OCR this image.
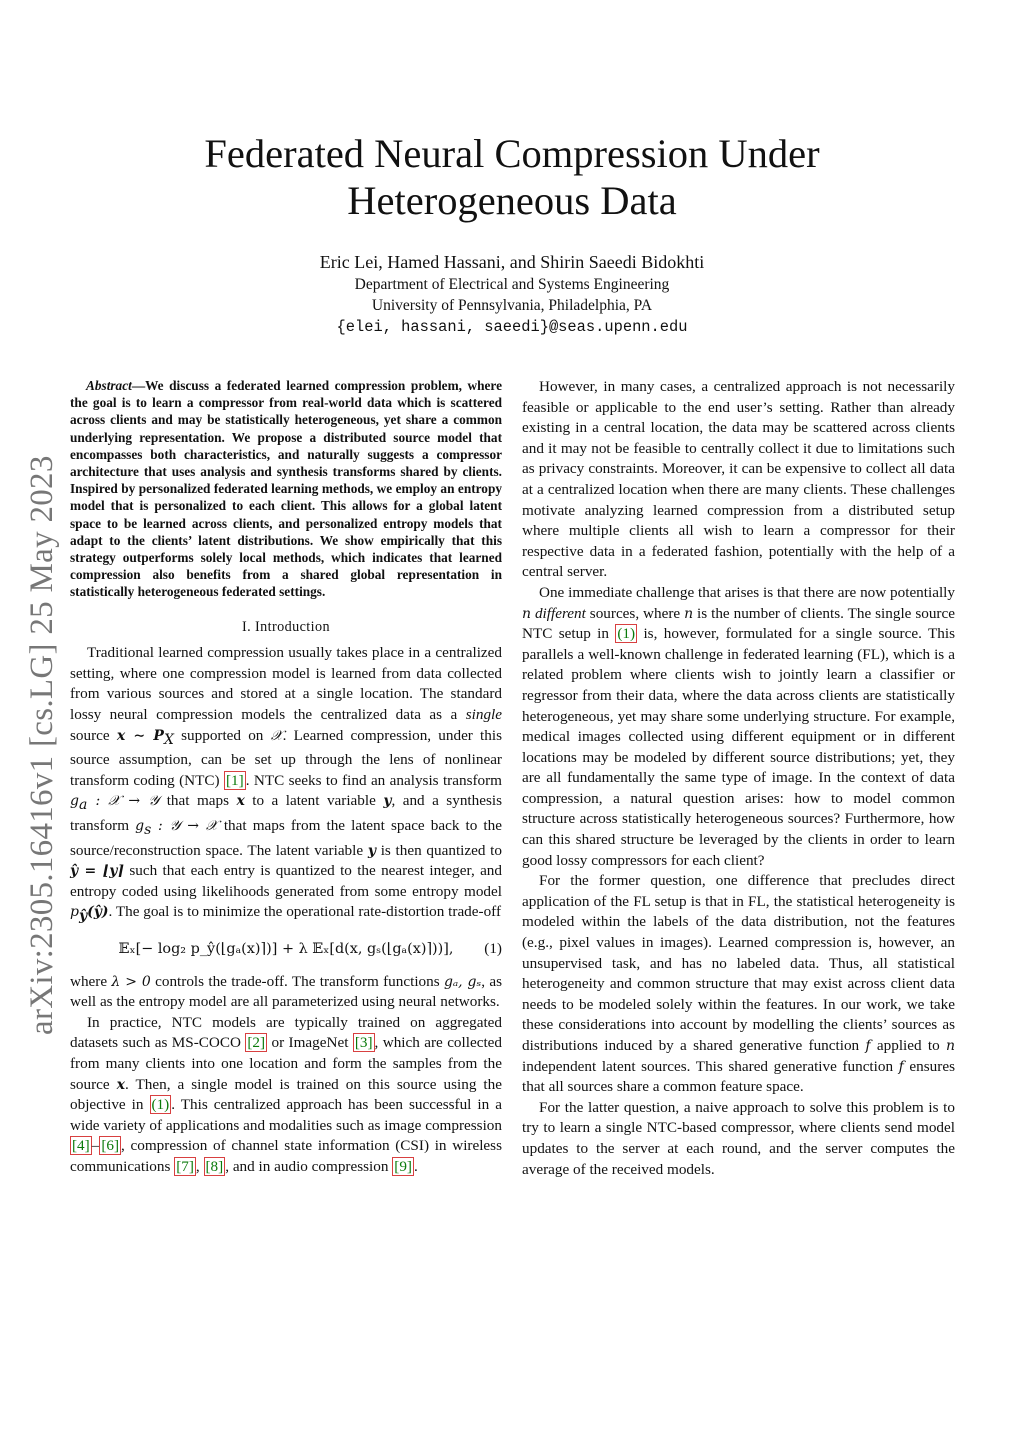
arXiv:2305.16416v1 [cs.LG] 25 May 2023
Federated Neural Compression Under
Heterogeneous Data
Eric Lei, Hamed Hassani, and Shirin Saeedi Bidokhti
Department of Electrical and Systems Engineering
University of Pennsylvania, Philadelphia, PA
{elei, hassani, saeedi}@seas.upenn.edu

Abstract—We discuss a federated learned compression problem, where the goal is to learn a compressor from real-world data which is scattered across clients and may be statistically heterogeneous, yet share a common underlying representation. We propose a distributed source model that encompasses both characteristics, and naturally suggests a compressor architecture that uses analysis and synthesis transforms shared by clients. Inspired by personalized federated learning methods, we employ an entropy model that is personalized to each client. This allows for a global latent space to be learned across clients, and personalized entropy models that adapt to the clients’ latent distributions. We show empirically that this strategy outperforms solely local methods, which indicates that learned compression also benefits from a shared global representation in statistically heterogeneous federated settings.

I. Introduction

Traditional learned compression usually takes place in a centralized setting, where one compression model is learned from data collected from various sources and stored at a single location. The standard lossy neural compression models the centralized data as a single source x ∼ $P_X$ supported on 𝒳. Learned compression, under this source assumption, can be set up through the lens of nonlinear transform coding (NTC) [1] . NTC seeks to find an analysis transform $g_a$ : 𝒳 → 𝒴 that maps x to a latent variable y, and a synthesis transform $g_s$ : 𝒴 → 𝒳 that maps from the latent space back to the source/reconstruction space. The latent variable y is then quantized to ŷ = ⌊y⌉ such that each entry is quantized to the nearest integer, and entropy coded using likelihoods generated from some entropy model $p_ŷ(ŷ)$. The goal is to minimize the operational rate-distortion trade-off

𝔼ₓ[− log₂ p_ŷ(⌊gₐ(x)⌉)] + λ 𝔼ₓ[d(x, gₛ(⌊gₐ(x)⌉))], (1)

where λ > 0 controls the trade-off. The transform functions gₐ, gₛ, as well as the entropy model are all parameterized using neural networks.

In practice, NTC models are typically trained on aggregated datasets such as MS-COCO [2] or ImageNet [3] , which are collected from many clients into one location and form the samples from the source x. Then, a single model is trained on this source using the objective in (1) . This centralized approach has been successful in a wide variety of applications and modalities such as image compression [4] – [6] , compression of channel state information (CSI) in wireless communications [7] , [8] , and in audio compression [9] .

However, in many cases, a centralized approach is not necessarily feasible or applicable to the end user’s setting. Rather than already existing in a central location, the data may be scattered across clients and it may not be feasible to centrally collect it due to limitations such as privacy constraints. Moreover, it can be expensive to collect all data at a centralized location when there are many clients. These challenges motivate analyzing learned compression from a distributed setup where multiple clients all wish to learn a compressor for their respective data in a federated fashion, potentially with the help of a central server.

One immediate challenge that arises is that there are now potentially n different sources, where n is the number of clients. The single source NTC setup in (1) is, however, formulated for a single source. This parallels a well-known challenge in federated learning (FL), which is a related problem where clients wish to jointly learn a classifier or regressor from their data, where the data across clients are statistically heterogeneous, yet may share some underlying structure. For example, medical images collected using different equipment or in different locations may be modeled by different source distributions; yet, they are all fundamentally the same type of image. In the context of data compression, a natural question arises: how to model common structure across statistically heterogeneous sources? Furthermore, how can this shared structure be leveraged by the clients in order to learn good lossy compressors for each client?

For the former question, one difference that precludes direct application of the FL setup is that in FL, the statistical heterogeneity is modeled within the labels of the data distribution, not the features (e.g., pixel values in images). Learned compression is, however, an unsupervised task, and has no labeled data. Thus, all statistical heterogeneity and common structure that may exist across client data needs to be modeled solely within the features. In our work, we take these considerations into account by modelling the clients’ sources as distributions induced by a shared generative function f applied to n independent latent sources. This shared generative function f ensures that all sources share a common feature space.

For the latter question, a naive approach to solve this problem is to try to learn a single NTC-based compressor, where clients send model updates to the server at each round, and the server computes the average of the received models.
